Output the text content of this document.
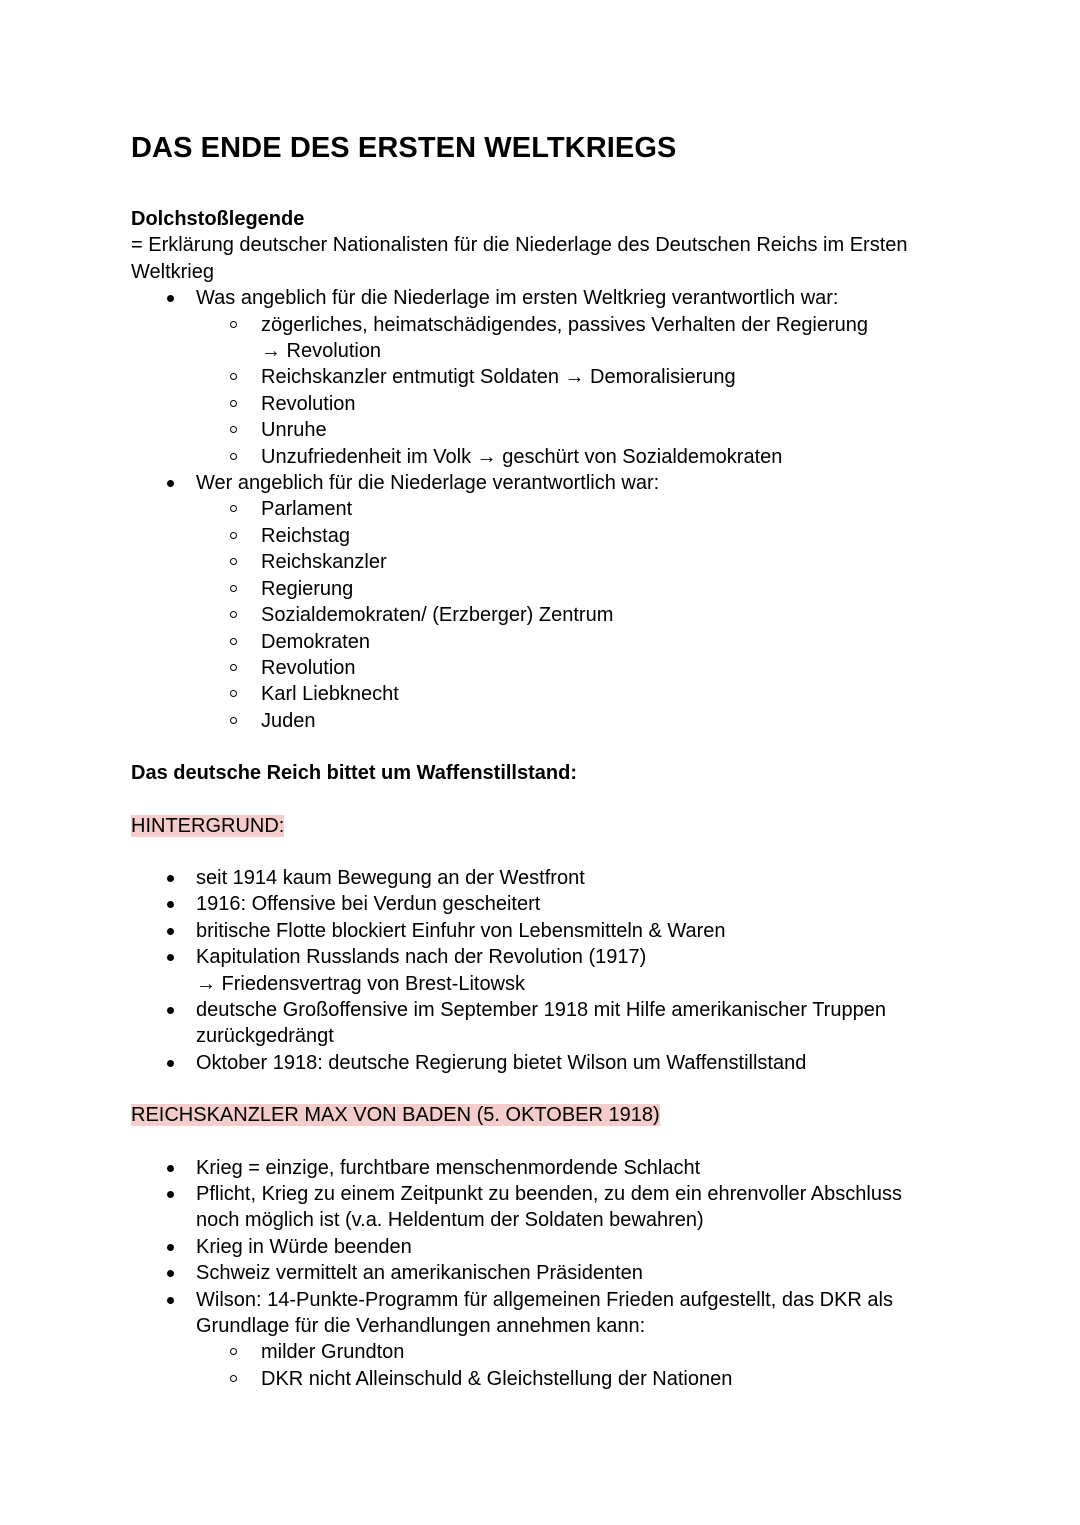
DAS ENDE DES ERSTEN WELTKRIEGS

Dolchstoßlegende

= Erklärung deutscher Nationalisten für die Niederlage des Deutschen Reichs im Ersten Weltkrieg

Was angeblich für die Niederlage im ersten Weltkrieg verantwortlich war:
zögerliches, heimatschädigendes, passives Verhalten der Regierung
→ Revolution
Reichskanzler entmutigt Soldaten → Demoralisierung
Revolution
Unruhe
Unzufriedenheit im Volk → geschürt von Sozialdemokraten
Wer angeblich für die Niederlage verantwortlich war:
Parlament
Reichstag
Reichskanzler
Regierung
Sozialdemokraten/ (Erzberger) Zentrum
Demokraten
Revolution
Karl Liebknecht
Juden

Das deutsche Reich bittet um Waffenstillstand:

HINTERGRUND:

seit 1914 kaum Bewegung an der Westfront
1916: Offensive bei Verdun gescheitert
britische Flotte blockiert Einfuhr von Lebensmitteln & Waren
Kapitulation Russlands nach der Revolution (1917)
→ Friedensvertrag von Brest-Litowsk
deutsche Großoffensive im September 1918 mit Hilfe amerikanischer Truppen zurückgedrängt
Oktober 1918: deutsche Regierung bietet Wilson um Waffenstillstand

REICHSKANZLER MAX VON BADEN (5. OKTOBER 1918)

Krieg = einzige, furchtbare menschenmordende Schlacht
Pflicht, Krieg zu einem Zeitpunkt zu beenden, zu dem ein ehrenvoller Abschluss noch möglich ist (v.a. Heldentum der Soldaten bewahren)
Krieg in Würde beenden
Schweiz vermittelt an amerikanischen Präsidenten
Wilson: 14-Punkte-Programm für allgemeinen Frieden aufgestellt, das DKR als Grundlage für die Verhandlungen annehmen kann:
milder Grundton
DKR nicht Alleinschuld & Gleichstellung der Nationen
